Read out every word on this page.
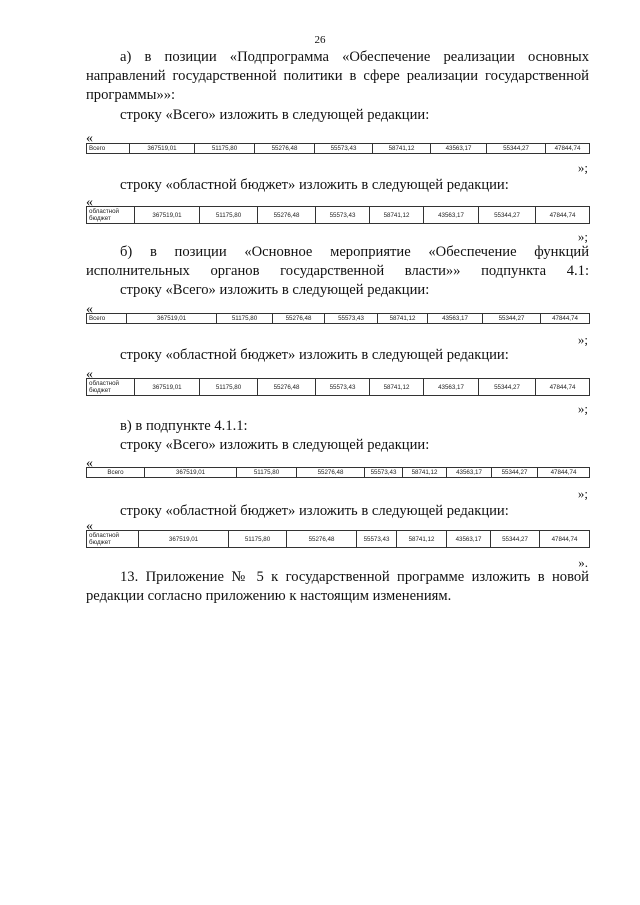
26
а) в позиции «Подпрограмма «Обеспечение реализации основных направлений государственной политики в сфере реализации государственной программы»»:
строку «Всего» изложить в следующей редакции:
«
Всего	367519,01	51175,80	55276,48	55573,43	58741,12	43563,17	55344,27	47844,74
»;
строку «областной бюджет» изложить в следующей редакции:
«
областной бюджет	367519,01	51175,80	55276,48	55573,43	58741,12	43563,17	55344,27	47844,74
»;
б) в позиции «Основное мероприятие «Обеспечение функций исполнительных органов государственной власти»» подпункта 4.1:
строку «Всего» изложить в следующей редакции:
«
Всего	367519,01	51175,80	55276,48	55573,43	58741,12	43563,17	55344,27	47844,74
»;
строку «областной бюджет» изложить в следующей редакции:
«
областной бюджет	367519,01	51175,80	55276,48	55573,43	58741,12	43563,17	55344,27	47844,74
»;
в) в подпункте 4.1.1:
строку «Всего» изложить в следующей редакции:
«
Всего	367519,01	51175,80	55276,48	55573,43	58741,12	43563,17	55344,27	47844,74
»;
строку «областной бюджет» изложить в следующей редакции:
«
областной бюджет	367519,01	51175,80	55276,48	55573,43	58741,12	43563,17	55344,27	47844,74
».
13. Приложение № 5 к государственной программе изложить в новой редакции согласно приложению к настоящим изменениям.
